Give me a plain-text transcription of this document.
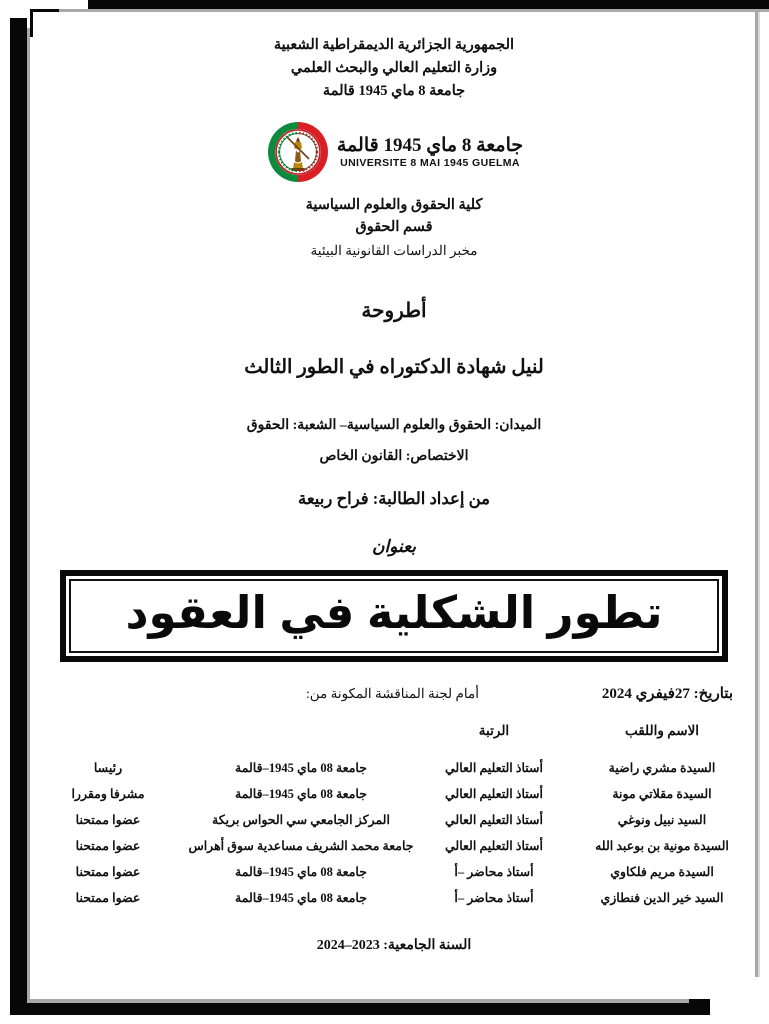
الجمهورية الجزائرية الديمقراطية الشعبية
وزارة التعليم العالي والبحث العلمي
جامعة 8 ماي 1945 قالمة
جامعة 8 ماي 1945 قالمة
UNIVERSITE 8 MAI 1945 GUELMA
كلية الحقوق والعلوم السياسية
قسم الحقوق
مخبر الدراسات القانونية البيئية
أطروحة
لنيل شهادة الدكتوراه في الطور الثالث
الميدان: الحقوق والعلوم السياسية– الشعبة: الحقوق
الاختصاص: القانون الخاص
من إعداد الطالبة: فراح ربيعة
بعنوان
تطور الشكلية في العقود
بتاريخ: 27فيفري 2024
أمام لجنة المناقشة المكونة من:
الاسم واللقب	الرتبة		
السيدة مشري راضية	أستاذ التعليم العالي	جامعة 08 ماي 1945–قالمة	رئيسا
السيدة مقلاتي مونة	أستاذ التعليم العالي	جامعة 08 ماي 1945–قالمة	مشرفا ومقررا
السيد نبيل ونوغي	أستاذ التعليم العالي	المركز الجامعي سي الحواس بريكة	عضوا ممتحنا
السيدة مونية بن بوعبد الله	أستاذ التعليم العالي	جامعة محمد الشريف مساعدية سوق أهراس	عضوا ممتحنا
السيدة مريم فلكاوي	أستاذ محاضر –أ	جامعة 08 ماي 1945–قالمة	عضوا ممتحنا
السيد خير الدين فنطازي	أستاذ محاضر –أ	جامعة 08 ماي 1945–قالمة	عضوا ممتحنا
السنة الجامعية: 2023–2024
